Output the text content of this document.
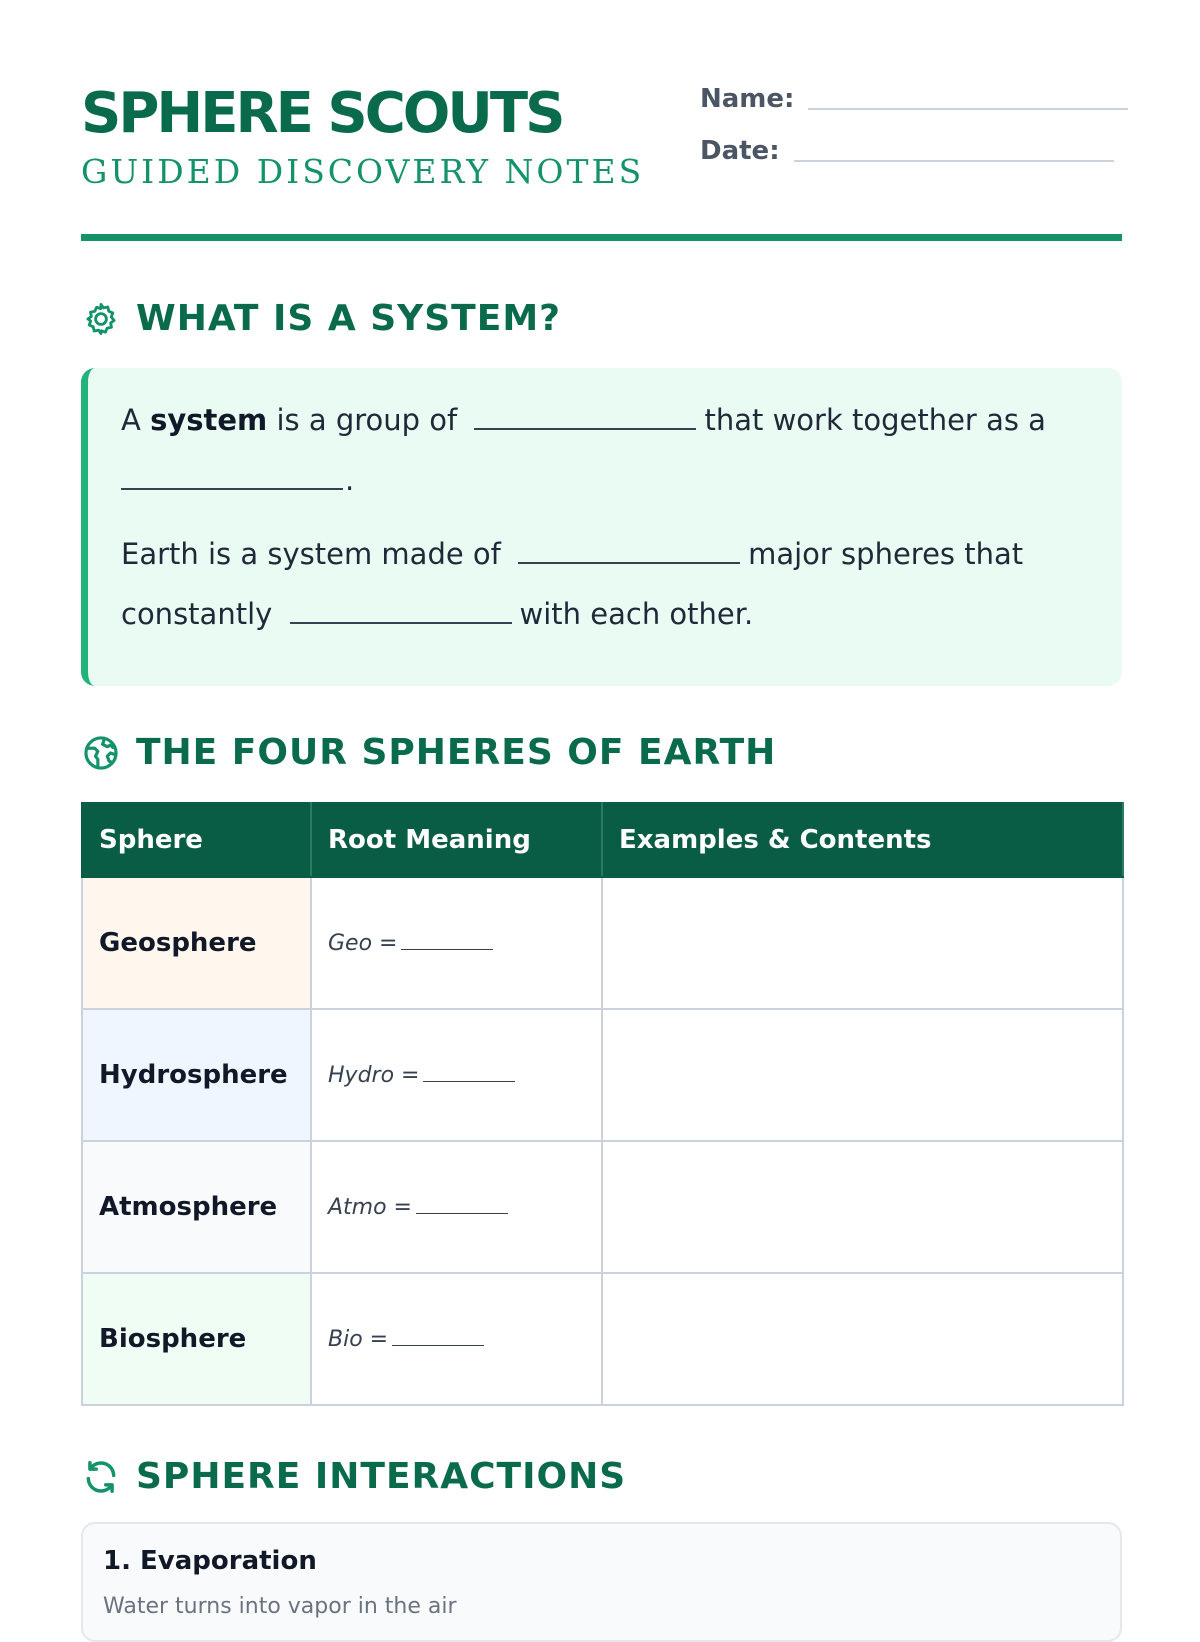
SPHERE SCOUTS
GUIDED DISCOVERY NOTES
Name:
Date:
WHAT IS A SYSTEM?
A system is a group of	that work together as a
.
Earth is a system made of	major spheres that
constantly	with each other.
THE FOUR SPHERES OF EARTH
Sphere	Root Meaning	Examples & Contents
Geosphere	Geo =	
Hydrosphere	Hydro =	
Atmosphere	Atmo =	
Biosphere	Bio =	
SPHERE INTERACTIONS
1. Evaporation
Water turns into vapor in the air
